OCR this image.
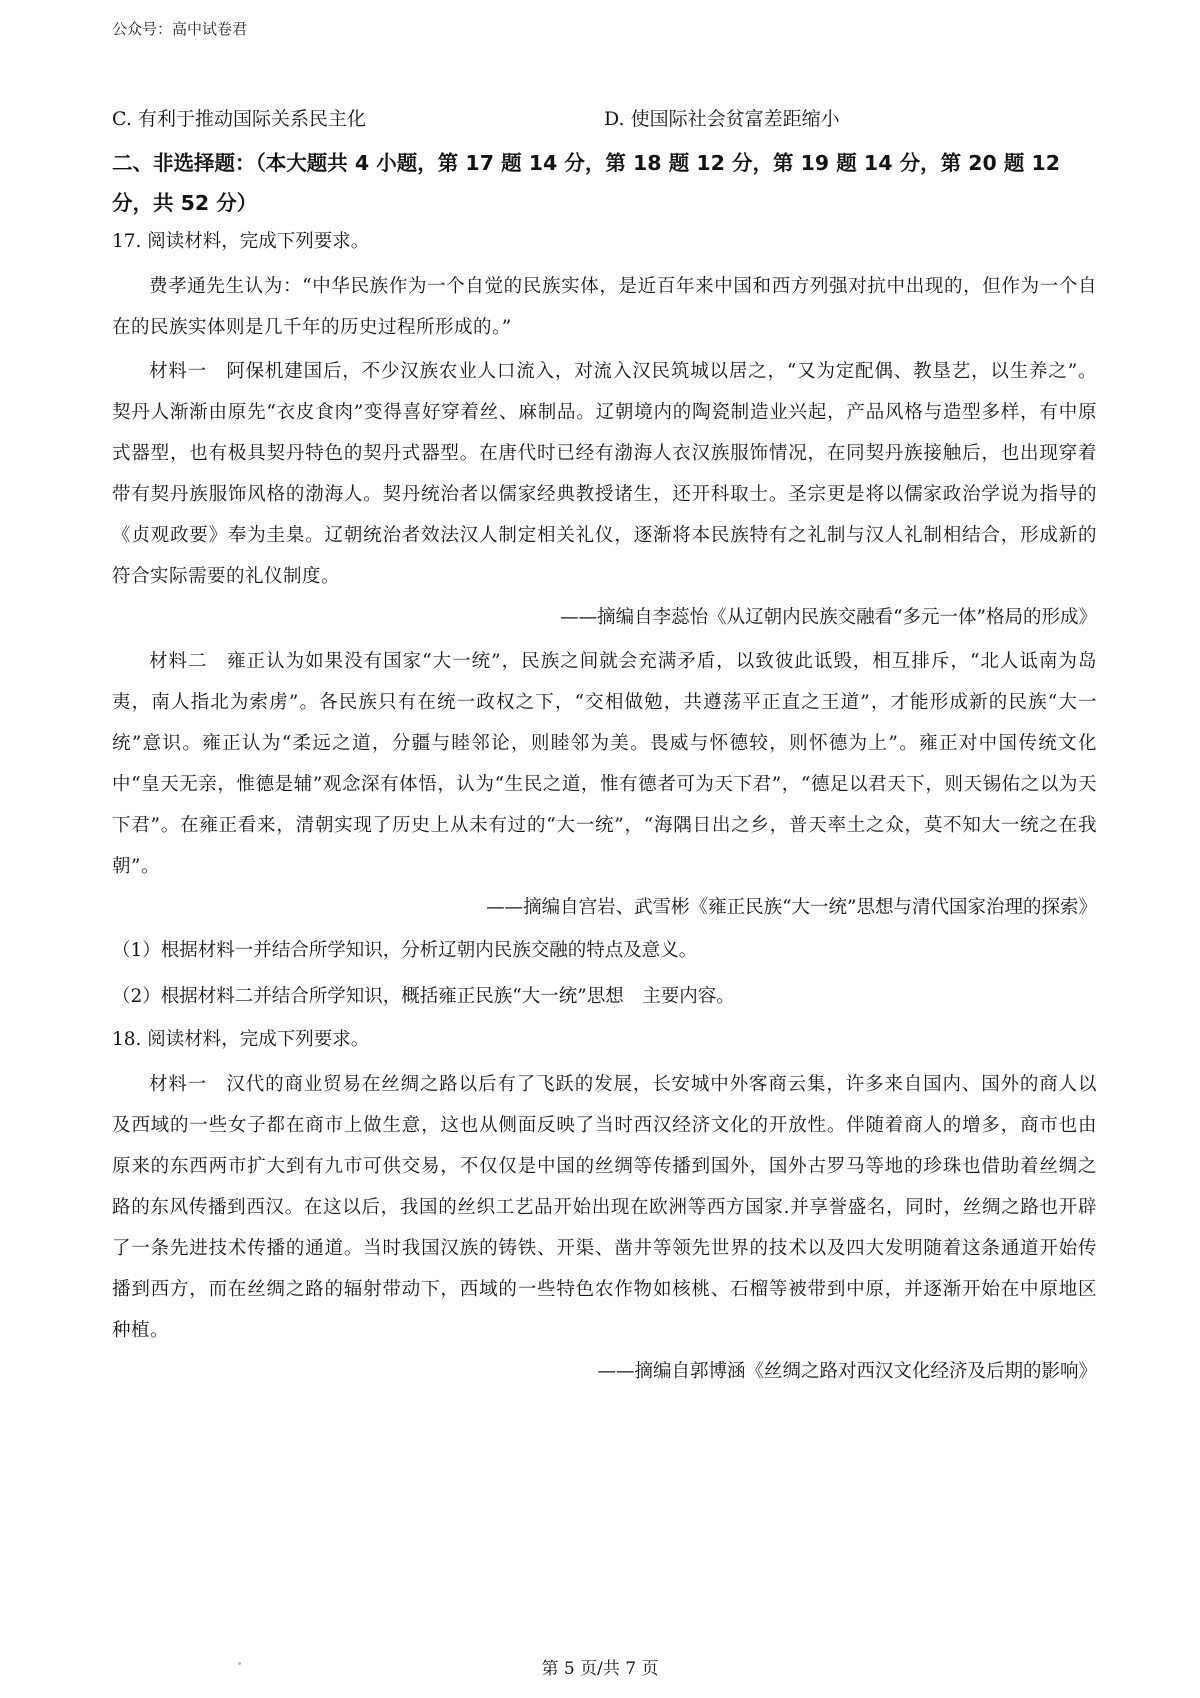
公众号：高中试卷君
C. 有利于推动国际关系民主化	D. 使国际社会贫富差距缩小

二、非选择题：（本大题共 4 小题，第 17 题 14 分，第 18 题 12 分，第 19 题 14 分，第 20 题 12 分，共 52 分）

17. 阅读材料，完成下列要求。

费孝通先生认为：“中华民族作为一个自觉的民族实体，是近百年来中国和西方列强对抗中出现的，但作为一个自在的民族实体则是几千年的历史过程所形成的。”

材料一　阿保机建国后，不少汉族农业人口流入，对流入汉民筑城以居之，“又为定配偶、教垦艺，以生养之”。契丹人渐渐由原先“衣皮食肉”变得喜好穿着丝、麻制品。辽朝境内的陶瓷制造业兴起，产品风格与造型多样，有中原式器型，也有极具契丹特色的契丹式器型。在唐代时已经有渤海人衣汉族服饰情况，在同契丹族接触后，也出现穿着带有契丹族服饰风格的渤海人。契丹统治者以儒家经典教授诸生，还开科取士。圣宗更是将以儒家政治学说为指导的《贞观政要》奉为圭臬。辽朝统治者效法汉人制定相关礼仪，逐渐将本民族特有之礼制与汉人礼制相结合，形成新的符合实际需要的礼仪制度。

——摘编自李蕊怡《从辽朝内民族交融看“多元一体”格局的形成》

材料二　雍正认为如果没有国家“大一统”，民族之间就会充满矛盾，以致彼此诋毁，相互排斥，“北人诋南为岛夷，南人指北为索虏”。各民族只有在统一政权之下，“交相做勉，共遵荡平正直之王道”，才能形成新的民族“大一统”意识。雍正认为“柔远之道，分疆与睦邻论，则睦邻为美。畏威与怀德较，则怀德为上”。雍正对中国传统文化中“皇天无亲，惟德是辅”观念深有体悟，认为“生民之道，惟有德者可为天下君”，“德足以君天下，则天锡佑之以为天下君”。在雍正看来，清朝实现了历史上从未有过的“大一统”，“海隅日出之乡，普天率土之众，莫不知大一统之在我朝”。

——摘编自宫岩、武雪彬《雍正民族“大一统”思想与清代国家治理的探索》

（1）根据材料一并结合所学知识，分析辽朝内民族交融的特点及意义。

（2）根据材料二并结合所学知识，概括雍正民族“大一统”思想　主要内容。

18. 阅读材料，完成下列要求。

材料一　汉代的商业贸易在丝绸之路以后有了飞跃的发展，长安城中外客商云集，许多来自国内、国外的商人以及西域的一些女子都在商市上做生意，这也从侧面反映了当时西汉经济文化的开放性。伴随着商人的增多，商市也由原来的东西两市扩大到有九市可供交易，不仅仅是中国的丝绸等传播到国外，国外古罗马等地的珍珠也借助着丝绸之路的东风传播到西汉。在这以后，我国的丝织工艺品开始出现在欧洲等西方国家.并享誉盛名，同时，丝绸之路也开辟了一条先进技术传播的通道。当时我国汉族的铸铁、开渠、凿井等领先世界的技术以及四大发明随着这条通道开始传播到西方，而在丝绸之路的辐射带动下，西域的一些特色农作物如核桃、石榴等被带到中原，并逐渐开始在中原地区种植。

——摘编自郭博涵《丝绸之路对西汉文化经济及后期的影响》

第 5 页/共 7 页
